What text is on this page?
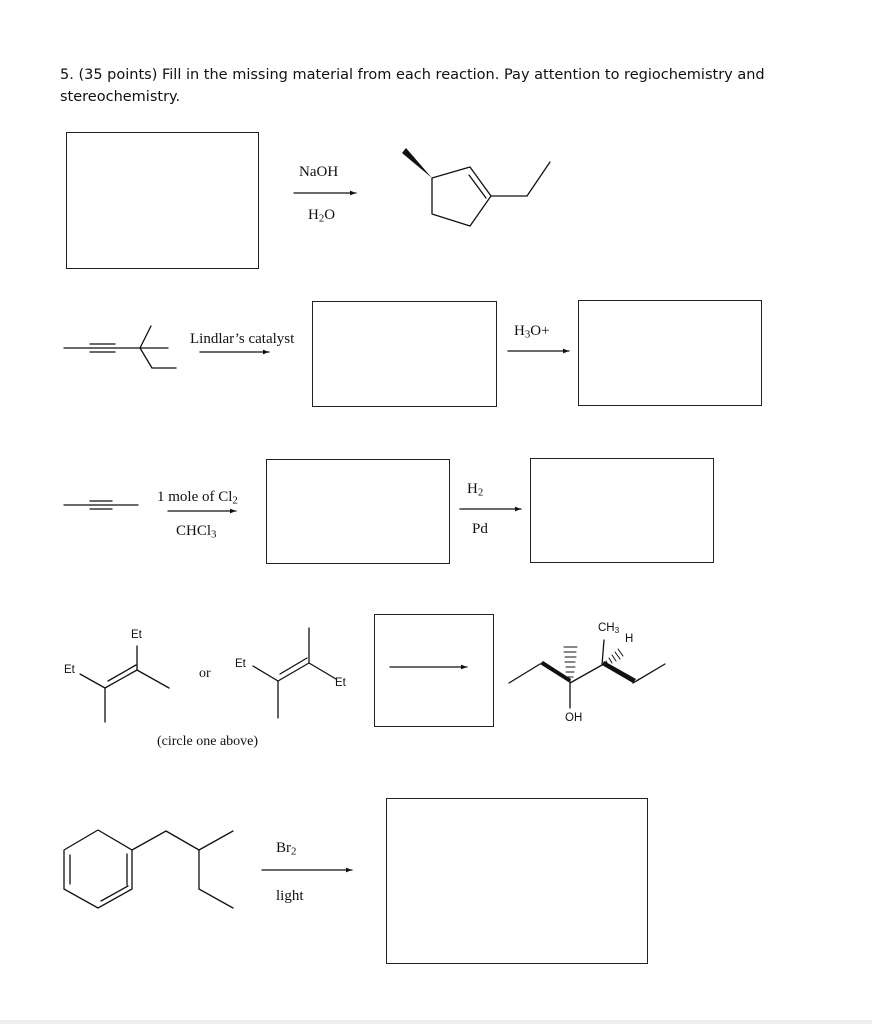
5. (35 points) Fill in the missing material from each reaction. Pay attention to regiochemistry and
stereochemistry.
NaOH
$H_2O$
Lindlar’s catalyst	$H_3O+$
1 mole of $Cl_2$
CHCl$_3$
$H_2$
Pd
Et
Et
or
Et
Et
(circle one above)
$CH_3$
H
OH
$Br_2$
light
